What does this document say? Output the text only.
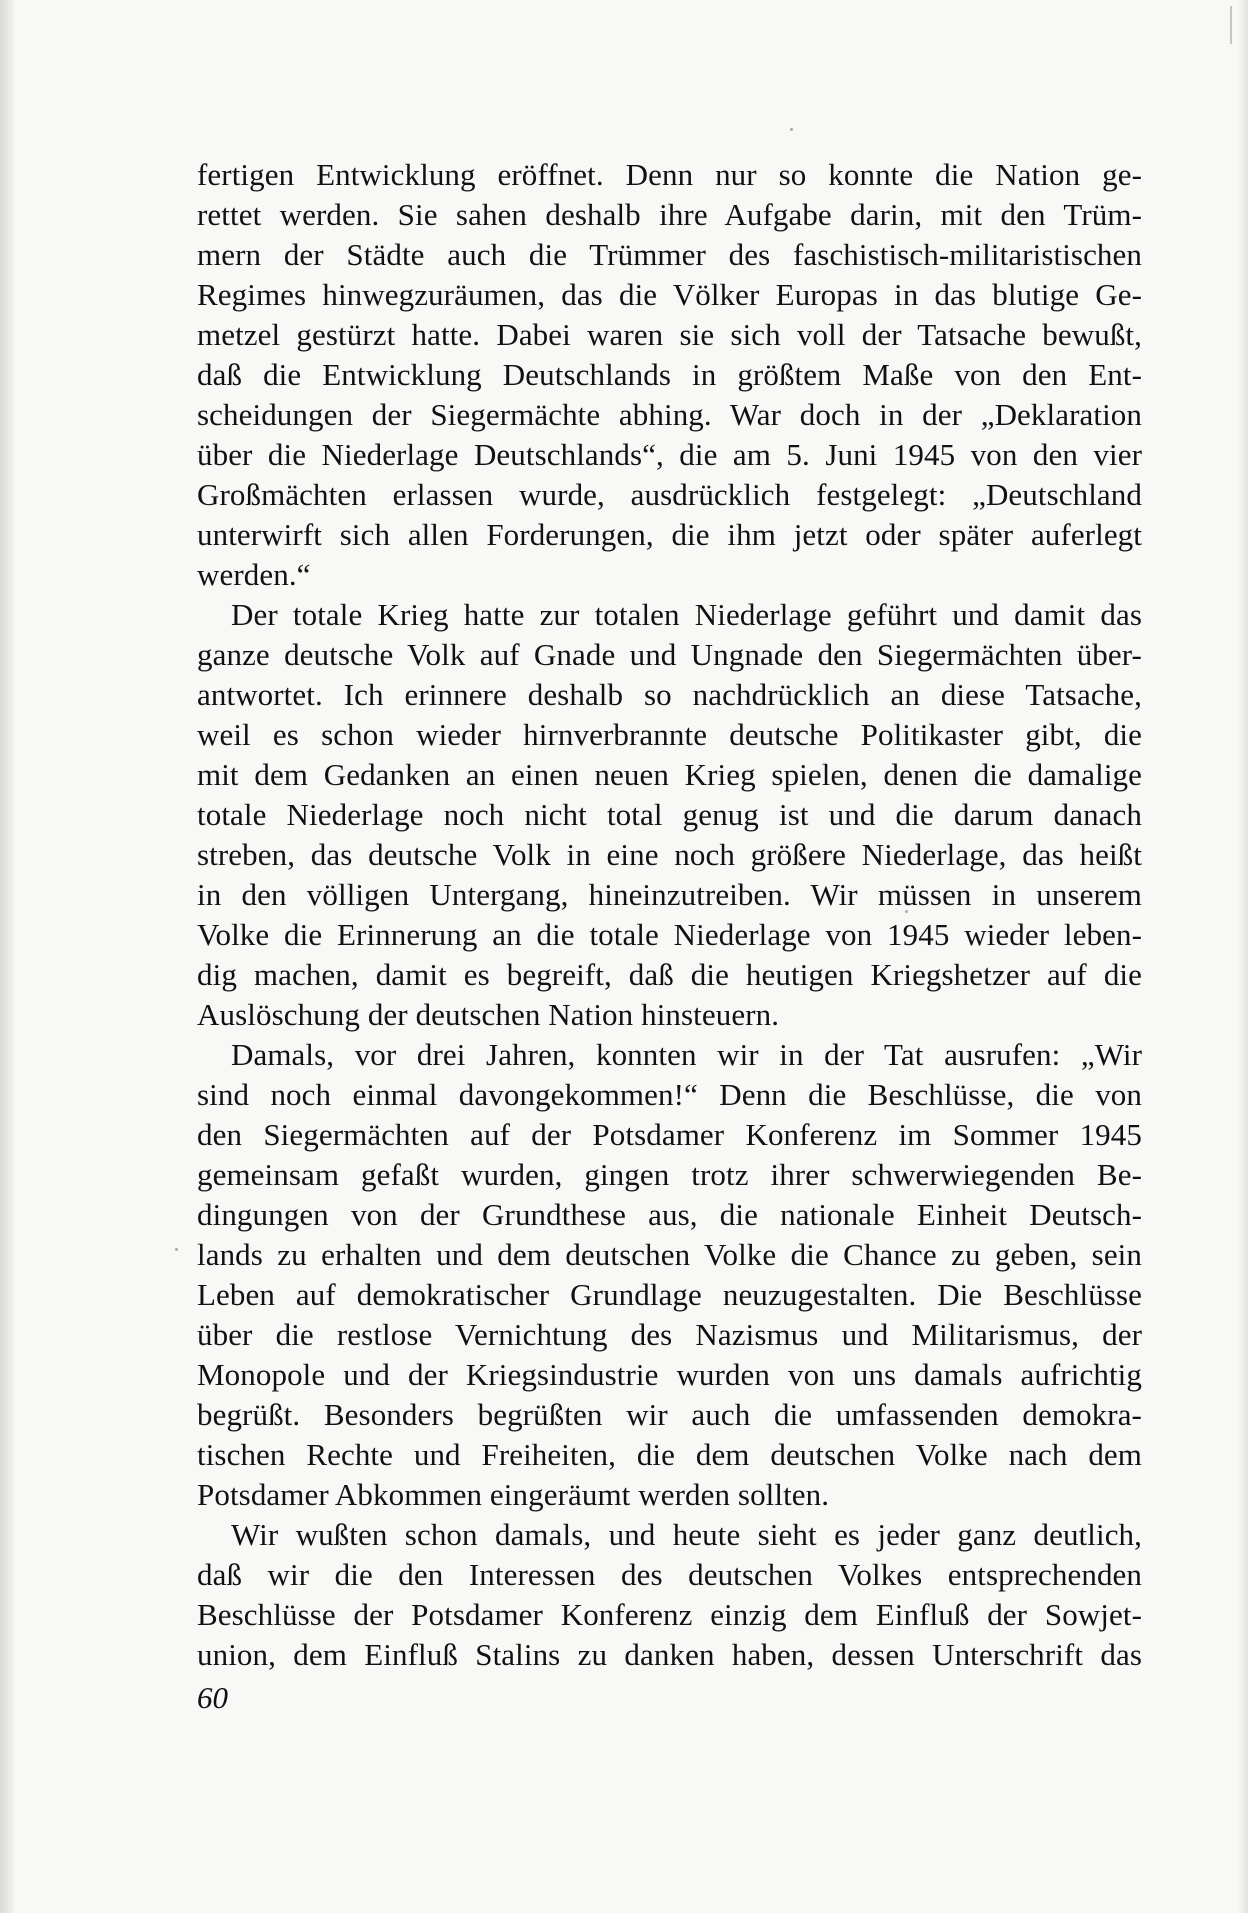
fertigen Entwicklung eröffnet. Denn nur so konnte die Nation ge-
rettet werden. Sie sahen deshalb ihre Aufgabe darin, mit den Trüm-
mern der Städte auch die Trümmer des faschistisch-militaristischen
Regimes hinwegzuräumen, das die Völker Europas in das blutige Ge-
metzel gestürzt hatte. Dabei waren sie sich voll der Tatsache bewußt,
daß die Entwicklung Deutschlands in größtem Maße von den Ent-
scheidungen der Siegermächte abhing. War doch in der „Deklaration
über die Niederlage Deutschlands“, die am 5. Juni 1945 von den vier
Großmächten erlassen wurde, ausdrücklich festgelegt: „Deutschland
unterwirft sich allen Forderungen, die ihm jetzt oder später auferlegt
werden.“
Der totale Krieg hatte zur totalen Niederlage geführt und damit das
ganze deutsche Volk auf Gnade und Ungnade den Siegermächten über-
antwortet. Ich erinnere deshalb so nachdrücklich an diese Tatsache,
weil es schon wieder hirnverbrannte deutsche Politikaster gibt, die
mit dem Gedanken an einen neuen Krieg spielen, denen die damalige
totale Niederlage noch nicht total genug ist und die darum danach
streben, das deutsche Volk in eine noch größere Niederlage, das heißt
in den völligen Untergang, hineinzutreiben. Wir müssen in unserem
Volke die Erinnerung an die totale Niederlage von 1945 wieder leben-
dig machen, damit es begreift, daß die heutigen Kriegshetzer auf die
Auslöschung der deutschen Nation hinsteuern.
Damals, vor drei Jahren, konnten wir in der Tat ausrufen: „Wir
sind noch einmal davongekommen!“ Denn die Beschlüsse, die von
den Siegermächten auf der Potsdamer Konferenz im Sommer 1945
gemeinsam gefaßt wurden, gingen trotz ihrer schwerwiegenden Be-
dingungen von der Grundthese aus, die nationale Einheit Deutsch-
lands zu erhalten und dem deutschen Volke die Chance zu geben, sein
Leben auf demokratischer Grundlage neuzugestalten. Die Beschlüsse
über die restlose Vernichtung des Nazismus und Militarismus, der
Monopole und der Kriegsindustrie wurden von uns damals aufrichtig
begrüßt. Besonders begrüßten wir auch die umfassenden demokra-
tischen Rechte und Freiheiten, die dem deutschen Volke nach dem
Potsdamer Abkommen eingeräumt werden sollten.
Wir wußten schon damals, und heute sieht es jeder ganz deutlich,
daß wir die den Interessen des deutschen Volkes entsprechenden
Beschlüsse der Potsdamer Konferenz einzig dem Einfluß der Sowjet-
union, dem Einfluß Stalins zu danken haben, dessen Unterschrift das
60
